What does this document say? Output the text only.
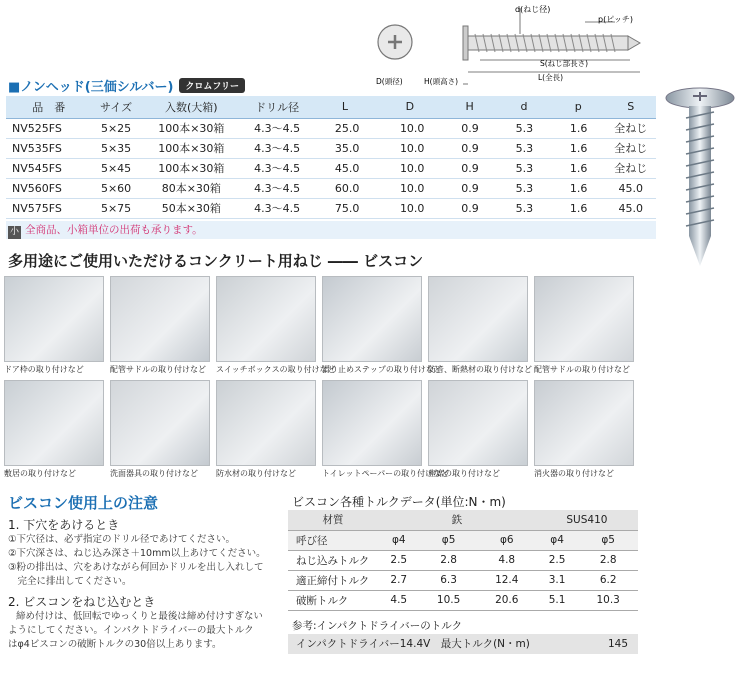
d(ねじ径)
p(ピッチ)
S(ねじ部長さ)
L(全長)
D(頭径)	H(頭高さ)
■ノンヘッド(三価シルバー) クロムフリー
品　番	サイズ	入数(大箱)	ドリル径	L	D	H	d	p	S
NV525FS	5×25	100本×30箱	4.3〜4.5	25.0	10.0	0.9	5.3	1.6	全ねじ
NV535FS	5×35	100本×30箱	4.3〜4.5	35.0	10.0	0.9	5.3	1.6	全ねじ
NV545FS	5×45	100本×30箱	4.3〜4.5	45.0	10.0	0.9	5.3	1.6	全ねじ
NV560FS	5×60	80本×30箱	4.3〜4.5	60.0	10.0	0.9	5.3	1.6	45.0
NV575FS	5×75	50本×30箱	4.3〜4.5	75.0	10.0	0.9	5.3	1.6	45.0
小 全商品、小箱単位の出荷も承ります。
多用途にご使用いただけるコンクリート用ねじ ―― ビスコン
ドア枠の取り付けなど	配管サドルの取り付けなど	スイッチボックスの取り付けなど
滑り止めステップの取り付けなど
防音、断熱材の取り付けなど 配管サドルの取り付けなど
敷居の取り付けなど	洗面器具の取り付けなど	防水材の取り付けなど	トイレットペーパーの取り付けなど
座席の取り付けなど	消火器の取り付けなど
ビスコン使用上の注意
1. 下穴をあけるとき
①下穴径は、必ず指定のドリル径であけてください。
②下穴深さは、ねじ込み深さ＋10mm以上あけてください。
③粉の排出は、穴をあけながら何回かドリルを出し入れして
　完全に排出してください。
2. ビスコンをねじ込むとき
締め付けは、低回転でゆっくりと最後は締め付けすぎない
ようにしてください。インパクトドライバーの最大トルク
はφ4ビスコンの破断トルクの30倍以上あります。
ビスコン各種トルクデータ(単位:N・m)
材質	鉄			SUS410	
呼び径	φ4	φ5	φ6	φ4	φ5
ねじ込みトルク	2.5	2.8	4.8	2.5	2.8
適正締付トルク	2.7	6.3	12.4	3.1	6.2
破断トルク	4.5	10.5	20.6	5.1	10.3
参考:インパクトドライバーのトルク
インパクトドライバー14.4V　最大トルク(N・m)	145
